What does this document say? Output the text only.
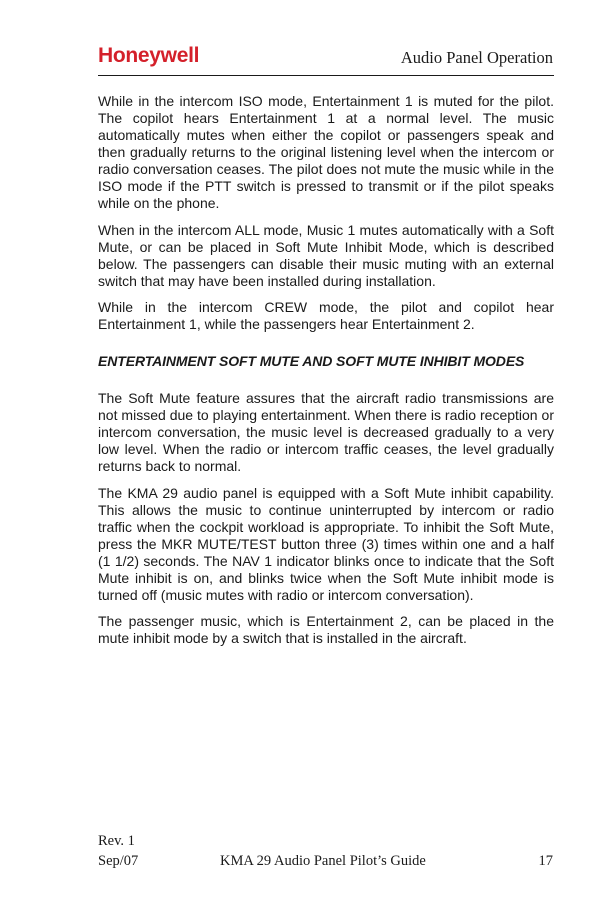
Honeywell	Audio Panel Operation

While in the intercom ISO mode, Entertainment 1 is muted for the pilot. The copilot hears Entertainment 1 at a normal level. The music automatically mutes when either the copilot or passengers speak and then gradually returns to the original listening level when the intercom or radio conversation ceases. The pilot does not mute the music while in the ISO mode if the PTT switch is pressed to transmit or if the pilot speaks while on the phone.

When in the intercom ALL mode, Music 1 mutes automatically with a Soft Mute, or can be placed in Soft Mute Inhibit Mode, which is described below. The passengers can disable their music muting with an external switch that may have been installed during installation.

While in the intercom CREW mode, the pilot and copilot hear Entertainment 1, while the passengers hear Entertainment 2.

ENTERTAINMENT SOFT MUTE AND SOFT MUTE INHIBIT MODES

The Soft Mute feature assures that the aircraft radio transmissions are not missed due to playing entertainment. When there is radio reception or intercom conversation, the music level is decreased gradually to a very low level. When the radio or intercom traffic ceases, the level gradually returns back to normal.

The KMA 29 audio panel is equipped with a Soft Mute inhibit capability. This allows the music to continue uninterrupted by intercom or radio traffic when the cockpit workload is appropriate. To inhibit the Soft Mute, press the MKR MUTE/TEST button three (3) times within one and a half (1 1/2) seconds. The NAV 1 indicator blinks once to indicate that the Soft Mute inhibit is on, and blinks twice when the Soft Mute inhibit mode is turned off (music mutes with radio or intercom conversation).

The passenger music, which is Entertainment 2, can be placed in the mute inhibit mode by a switch that is installed in the aircraft.

Rev. 1

Sep/07	KMA 29 Audio Panel Pilot’s Guide	17
